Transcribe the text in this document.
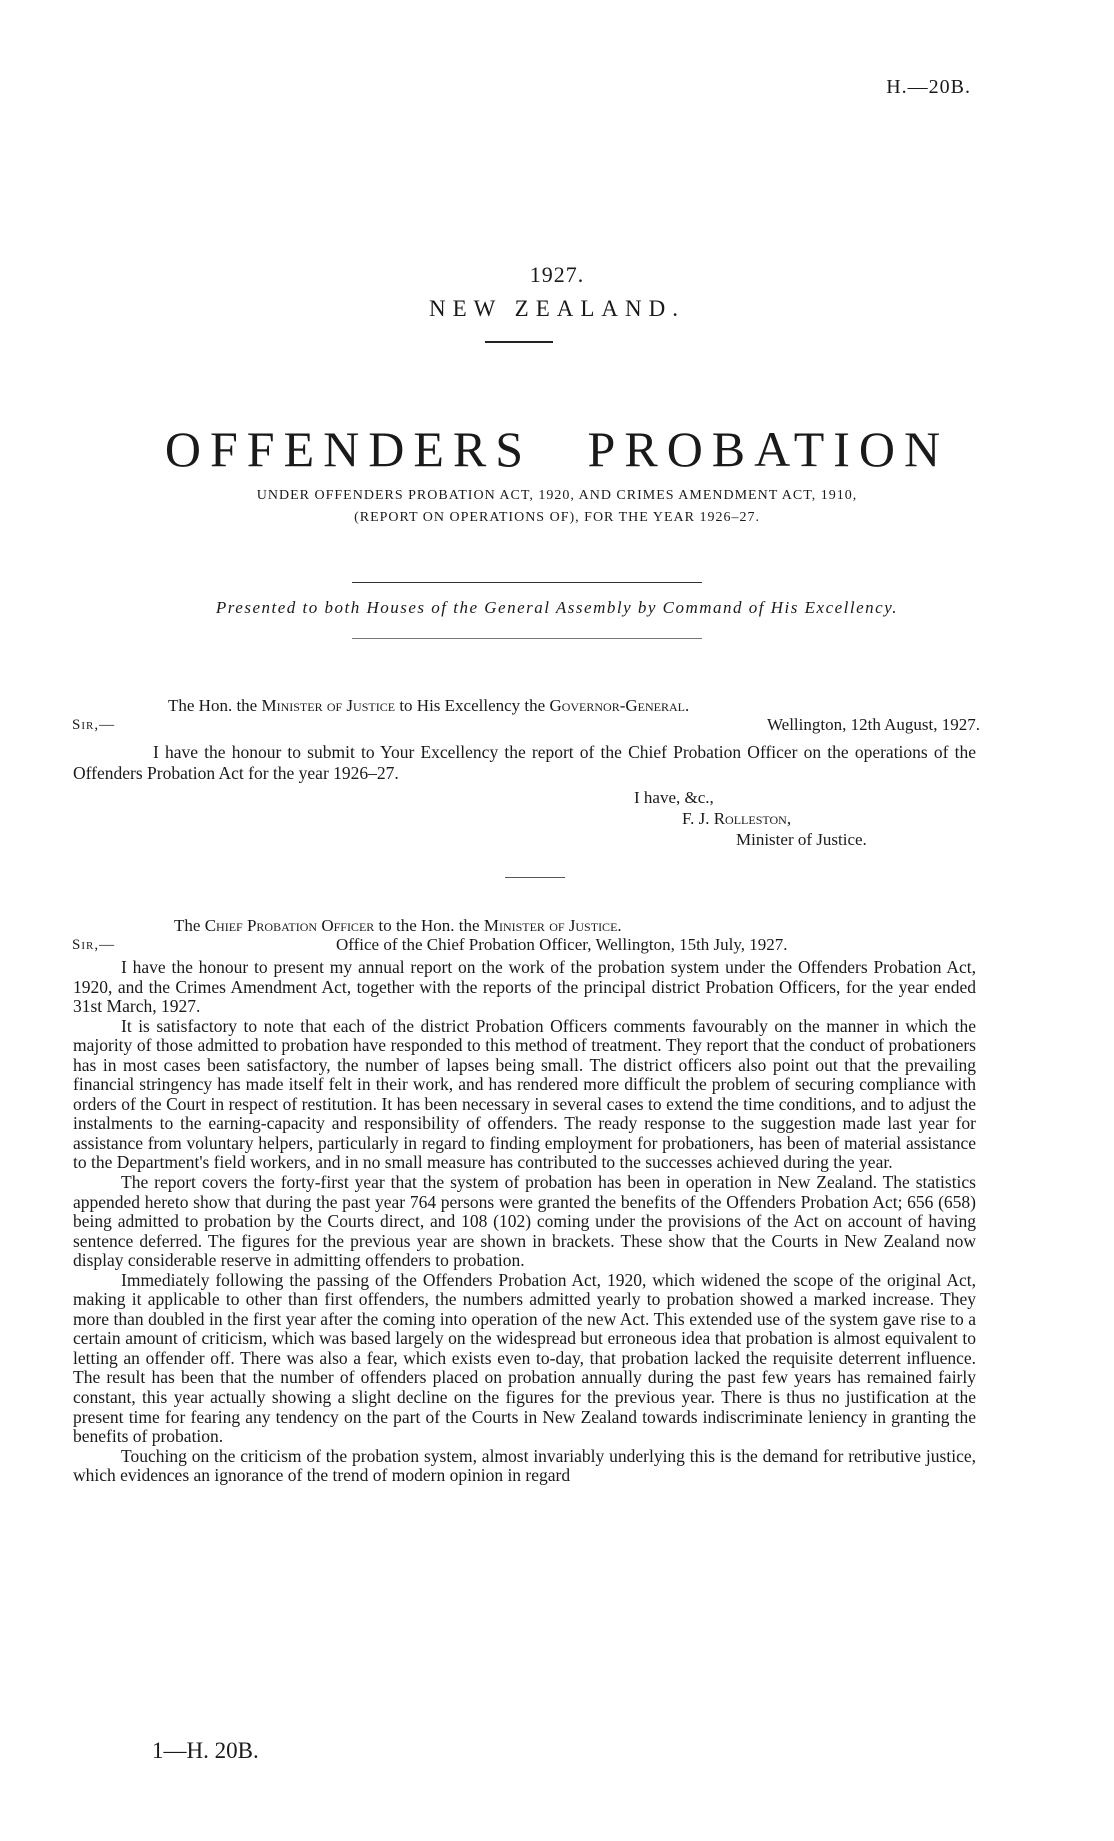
H.—20B.
1927.
NEW ZEALAND.
OFFENDERS PROBATION
UNDER OFFENDERS PROBATION ACT, 1920, AND CRIMES AMENDMENT ACT, 1910,
(REPORT ON OPERATIONS OF), FOR THE YEAR 1926–27.
Presented to both Houses of the General Assembly by Command of His Excellency.
The Hon. the Minister of Justice to His Excellency the Governor-General.
Sir,—	Wellington, 12th August, 1927.

I have the honour to submit to Your Excellency the report of the Chief Probation Officer on the operations of the Offenders Probation Act for the year 1926–27.

I have, &c.,
F. J. Rolleston,
Minister of Justice.
The Chief Probation Officer to the Hon. the Minister of Justice.
Sir,—	Office of the Chief Probation Officer, Wellington, 15th July, 1927.

I have the honour to present my annual report on the work of the probation system under the Offenders Probation Act, 1920, and the Crimes Amendment Act, together with the reports of the principal district Probation Officers, for the year ended 31st March, 1927.

It is satisfactory to note that each of the district Probation Officers comments favourably on the manner in which the majority of those admitted to probation have responded to this method of treatment. They report that the conduct of probationers has in most cases been satisfactory, the number of lapses being small. The district officers also point out that the prevailing financial stringency has made itself felt in their work, and has rendered more difficult the problem of securing compliance with orders of the Court in respect of restitution. It has been necessary in several cases to extend the time conditions, and to adjust the instalments to the earning-capacity and responsibility of offenders. The ready response to the suggestion made last year for assistance from voluntary helpers, particularly in regard to finding employment for probationers, has been of material assistance to the Department's field workers, and in no small measure has contributed to the successes achieved during the year.

The report covers the forty-first year that the system of probation has been in operation in New Zealand. The statistics appended hereto show that during the past year 764 persons were granted the benefits of the Offenders Probation Act; 656 (658) being admitted to probation by the Courts direct, and 108 (102) coming under the provisions of the Act on account of having sentence deferred. The figures for the previous year are shown in brackets. These show that the Courts in New Zealand now display considerable reserve in admitting offenders to probation.

Immediately following the passing of the Offenders Probation Act, 1920, which widened the scope of the original Act, making it applicable to other than first offenders, the numbers admitted yearly to probation showed a marked increase. They more than doubled in the first year after the coming into operation of the new Act. This extended use of the system gave rise to a certain amount of criticism, which was based largely on the widespread but erroneous idea that probation is almost equivalent to letting an offender off. There was also a fear, which exists even to-day, that probation lacked the requisite deterrent influence. The result has been that the number of offenders placed on probation annually during the past few years has remained fairly constant, this year actually showing a slight decline on the figures for the previous year. There is thus no justification at the present time for fearing any tendency on the part of the Courts in New Zealand towards indiscriminate leniency in granting the benefits of probation.

Touching on the criticism of the probation system, almost invariably underlying this is the demand for retributive justice, which evidences an ignorance of the trend of modern opinion in regard

1—H. 20B.
